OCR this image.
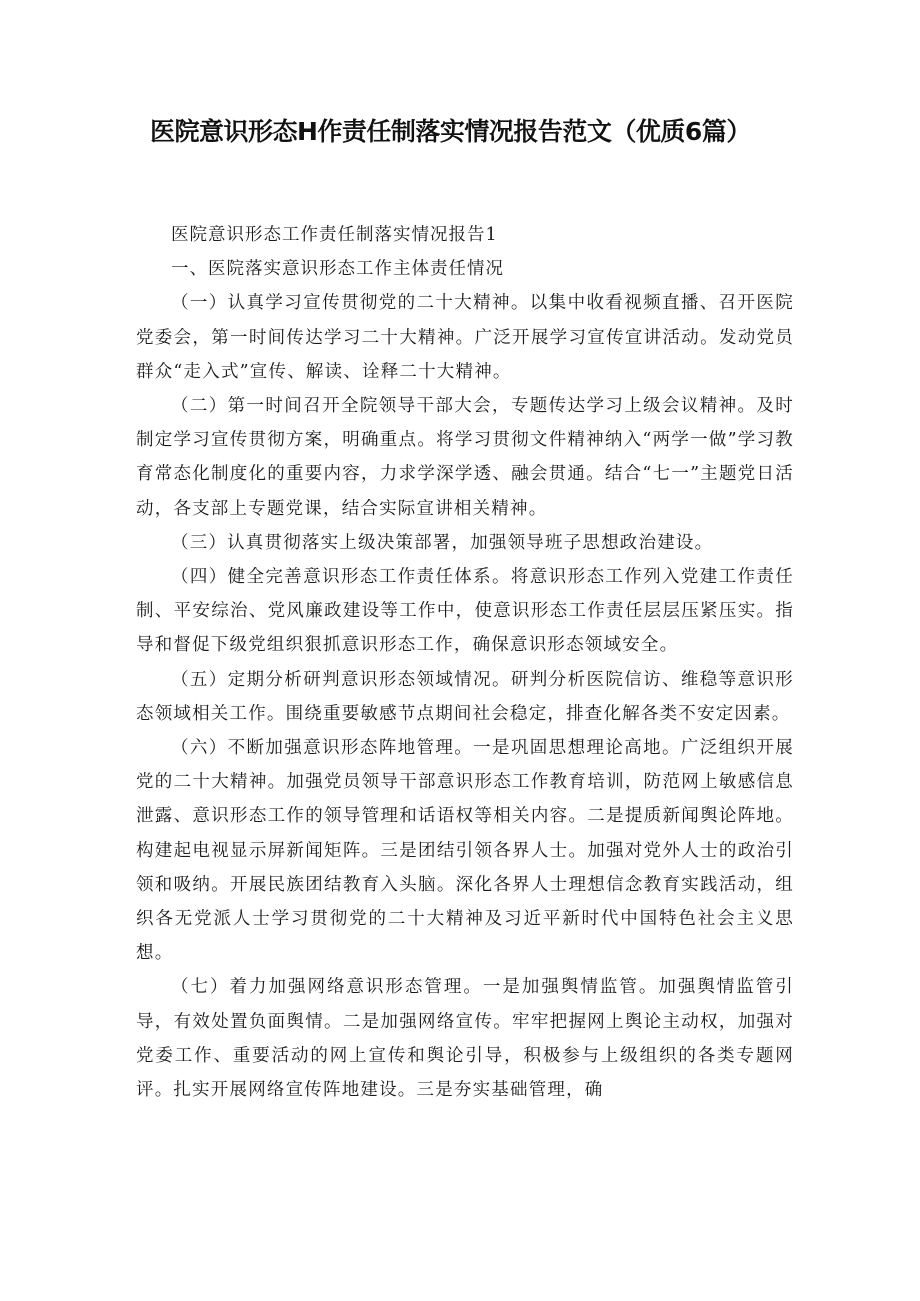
医院意识形态H作责任制落实情况报告范文（优质6篇）

医院意识形态工作责任制落实情况报告1

一、医院落实意识形态工作主体责任情况

（一）认真学习宣传贯彻党的二十大精神。以集中收看视频直播、召开医院党委会，第一时间传达学习二十大精神。广泛开展学习宣传宣讲活动。发动党员群众“走入式”宣传、解读、诠释二十大精神。

（二）第一时间召开全院领导干部大会，专题传达学习上级会议精神。及时制定学习宣传贯彻方案，明确重点。将学习贯彻文件精神纳入“两学一做”学习教育常态化制度化的重要内容，力求学深学透、融会贯通。结合“七一”主题党日活动，各支部上专题党课，结合实际宣讲相关精神。

（三）认真贯彻落实上级决策部署，加强领导班子思想政治建设。

（四）健全完善意识形态工作责任体系。将意识形态工作列入党建工作责任制、平安综治、党风廉政建设等工作中，使意识形态工作责任层层压紧压实。指导和督促下级党组织狠抓意识形态工作，确保意识形态领域安全。

（五）定期分析研判意识形态领域情况。研判分析医院信访、维稳等意识形态领域相关工作。围绕重要敏感节点期间社会稳定，排查化解各类不安定因素。

（六）不断加强意识形态阵地管理。一是巩固思想理论高地。广泛组织开展党的二十大精神。加强党员领导干部意识形态工作教育培训，防范网上敏感信息泄露、意识形态工作的领导管理和话语权等相关内容。二是提质新闻舆论阵地。构建起电视显示屏新闻矩阵。三是团结引领各界人士。加强对党外人士的政治引领和吸纳。开展民族团结教育入头脑。深化各界人士理想信念教育实践活动，组织各无党派人士学习贯彻党的二十大精神及习近平新时代中国特色社会主义思想。

（七）着力加强网络意识形态管理。一是加强舆情监管。加强舆情监管引导，有效处置负面舆情。二是加强网络宣传。牢牢把握网上舆论主动权，加强对党委工作、重要活动的网上宣传和舆论引导，积极参与上级组织的各类专题网评。扎实开展网络宣传阵地建设。三是夯实基础管理，确
